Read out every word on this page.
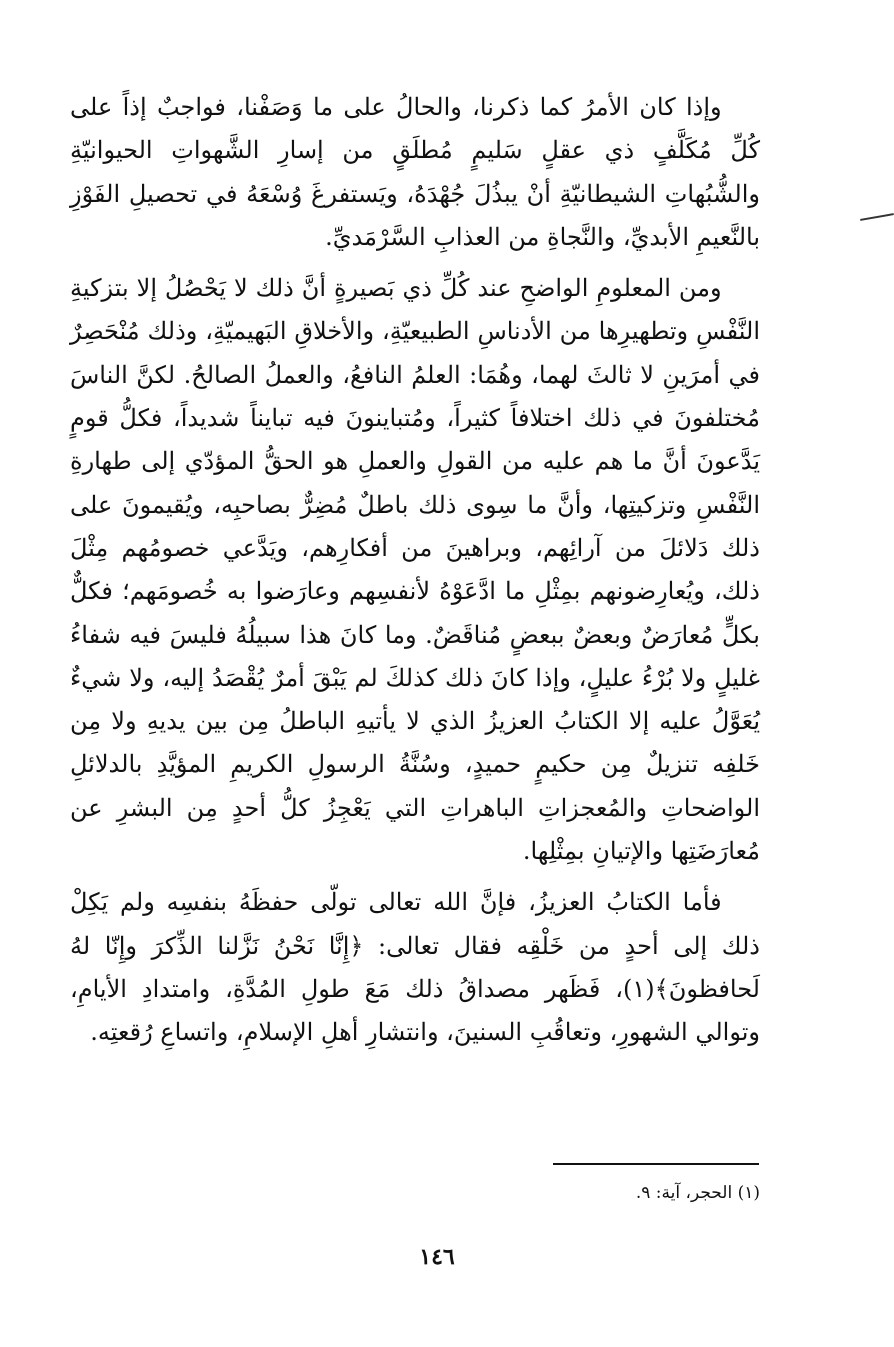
وإذا كان الأمرُ كما ذكرنا، والحالُ على ما وَصَفْنا، فواجبٌ إذاً على كُلِّ مُكَلَّفٍ ذي عقلٍ سَليمٍ مُطلَقٍ من إسارِ الشَّهواتِ الحيوانيّةِ والشُّبُهاتِ الشيطانيّةِ أنْ يبذُلَ جُهْدَهُ، ويَستفرغَ وُسْعَهُ في تحصيلِ الفَوْزِ بالنَّعيمِ الأبديِّ، والنَّجاةِ من العذابِ السَّرْمَديِّ.

ومن المعلومِ الواضحِ عند كُلِّ ذي بَصيرةٍ أنَّ ذلك لا يَحْصُلُ إلا بتزكيةِ النَّفْسِ وتطهيرِها من الأدناسِ الطبيعيّةِ، والأخلاقِ البَهيميّةِ، وذلك مُنْحَصِرٌ في أمرَينِ لا ثالثَ لهما، وهُمَا: العلمُ النافعُ، والعملُ الصالحُ. لكنَّ الناسَ مُختلفونَ في ذلك اختلافاً كثيراً، ومُتباينونَ فيه تبايناً شديداً، فكلُّ قومٍ يَدَّعونَ أنَّ ما هم عليه من القولِ والعملِ هو الحقُّ المؤدّي إلى طهارةِ النَّفْسِ وتزكيتِها، وأنَّ ما سِوى ذلك باطلٌ مُضِرٌّ بصاحبِه، ويُقيمونَ على ذلك دَلائلَ من آرائِهم، وبراهينَ من أفكارِهم، ويَدَّعي خصومُهم مِثْلَ ذلك، ويُعارِضونهم بمِثْلِ ما ادَّعَوْهُ لأنفسِهم وعارَضوا به خُصومَهم؛ فكلٌّ بكلٍّ مُعارَضٌ وبعضٌ ببعضٍ مُناقَضٌ. وما كانَ هذا سبيلُهُ فليسَ فيه شفاءُ غليلٍ ولا بُرْءُ عليلٍ، وإذا كانَ ذلك كذلكَ لم يَبْقَ أمرٌ يُقْصَدُ إليه، ولا شيءٌ يُعَوَّلُ عليه إلا الكتابُ العزيزُ الذي لا يأتيهِ الباطلُ مِن بين يديهِ ولا مِن خَلفِه تنزيلٌ مِن حكيمٍ حميدٍ، وسُنَّةُ الرسولِ الكريمِ المؤيَّدِ بالدلائلِ الواضحاتِ والمُعجزاتِ الباهراتِ التي يَعْجِزُ كلُّ أحدٍ مِن البشرِ عن مُعارَضَتِها والإتيانِ بمِثْلِها.

فأما الكتابُ العزيزُ، فإنَّ الله تعالى تولّى حفظَهُ بنفسِه ولم يَكِلْ ذلك إلى أحدٍ من خَلْقِه فقال تعالى: ﴿إِنَّا نَحْنُ نَزَّلنا الذِّكرَ وإِنّا لهُ لَحافظونَ﴾(١)، فَظَهر مصداقُ ذلك مَعَ طولِ المُدَّةِ، وامتدادِ الأيامِ، وتوالي الشهورِ، وتعاقُبِ السنينَ، وانتشارِ أهلِ الإسلامِ، واتساعِ رُقعتِه.

(١) الحجر، آية: ٩.
١٤٦
